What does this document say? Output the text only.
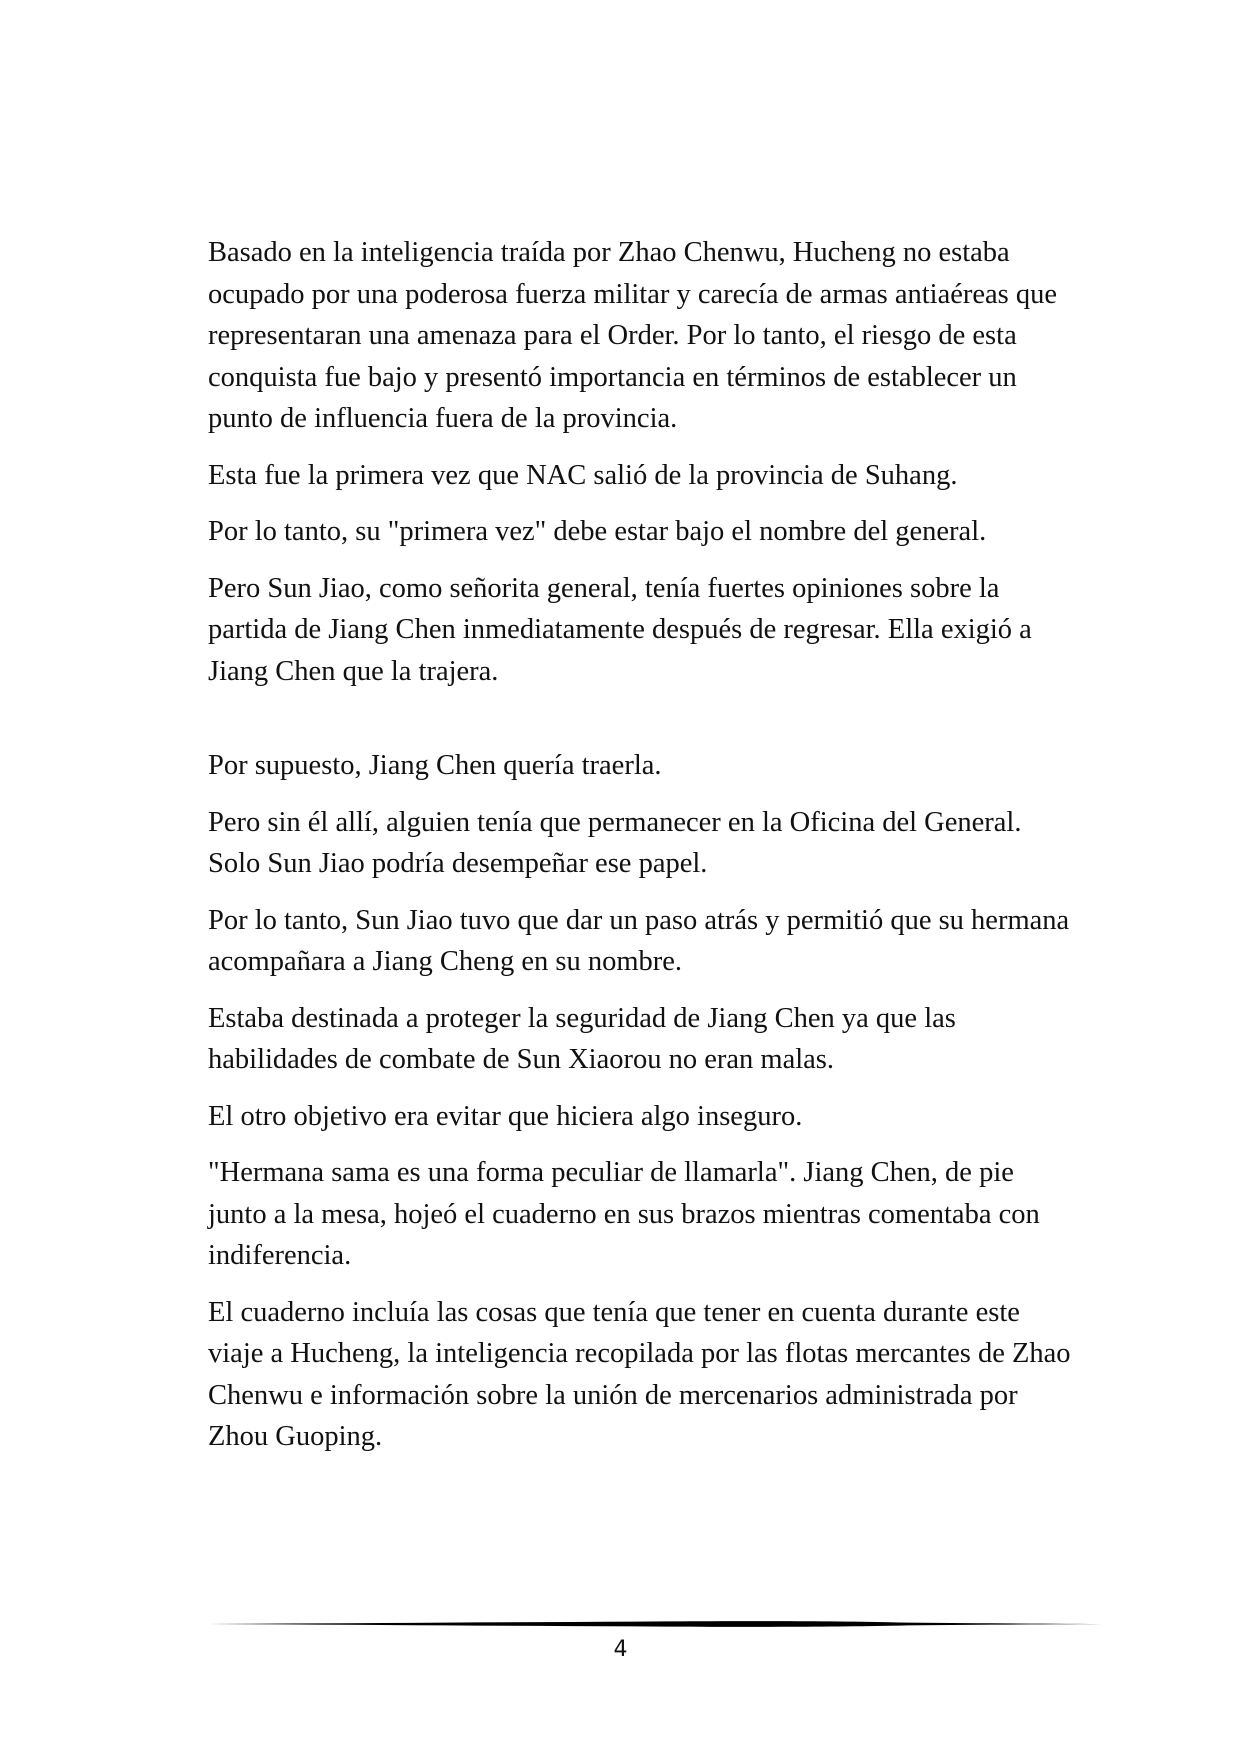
Basado en la inteligencia traída por Zhao Chenwu, Hucheng no estaba ocupado por una poderosa fuerza militar y carecía de armas antiaéreas que representaran una amenaza para el Order. Por lo tanto, el riesgo de esta conquista fue bajo y presentó importancia en términos de establecer un punto de influencia fuera de la provincia.

Esta fue la primera vez que NAC salió de la provincia de Suhang.

Por lo tanto, su "primera vez" debe estar bajo el nombre del general.

Pero Sun Jiao, como señorita general, tenía fuertes opiniones sobre la partida de Jiang Chen inmediatamente después de regresar. Ella exigió a Jiang Chen que la trajera.

Por supuesto, Jiang Chen quería traerla.

Pero sin él allí, alguien tenía que permanecer en la Oficina del General. Solo Sun Jiao podría desempeñar ese papel.

Por lo tanto, Sun Jiao tuvo que dar un paso atrás y permitió que su hermana acompañara a Jiang Cheng en su nombre.

Estaba destinada a proteger la seguridad de Jiang Chen ya que las habilidades de combate de Sun Xiaorou no eran malas.

El otro objetivo era evitar que hiciera algo inseguro.

"Hermana sama es una forma peculiar de llamarla". Jiang Chen, de pie junto a la mesa, hojeó el cuaderno en sus brazos mientras comentaba con indiferencia.

El cuaderno incluía las cosas que tenía que tener en cuenta durante este viaje a Hucheng, la inteligencia recopilada por las flotas mercantes de Zhao Chenwu e información sobre la unión de mercenarios administrada por Zhou Guoping.

4
